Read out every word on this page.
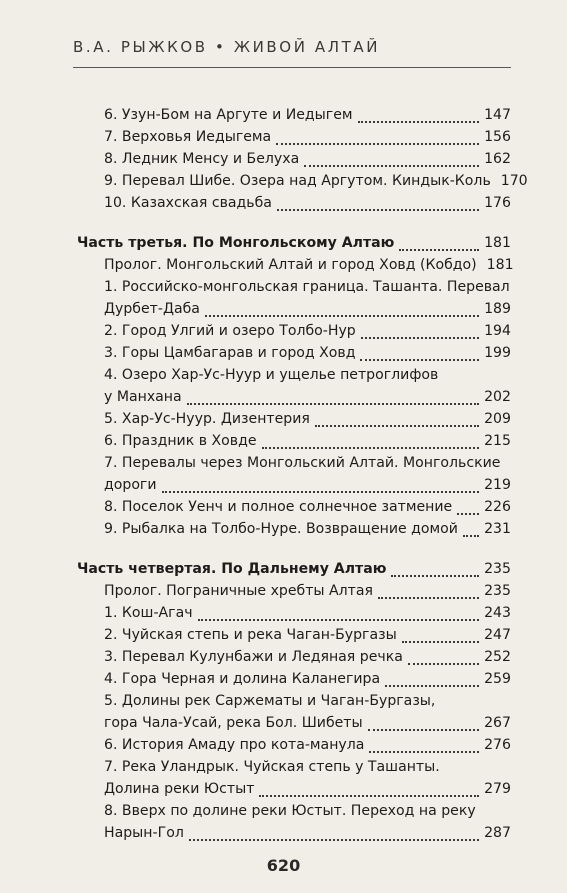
В.А. РЫЖКОВ • ЖИВОЙ АЛТАЙ
6. Узун-Бом на Аргуте и Иедыгем	147
7. Верховья Иедыгема	156
8. Ледник Менсу и Белуха	162
9. Перевал Шибе. Озера над Аргутом. Киндык-Коль 170
10. Казахская свадьба	176
Часть третья. По Монгольскому Алтаю	181
Пролог. Монгольский Алтай и город Ховд (Кобдо) 181
1. Российско-монгольская граница. Ташанта. Перевал
Дурбет-Даба	189
2. Город Улгий и озеро Толбо-Нур	194
3. Горы Цамбагарав и город Ховд	199
4. Озеро Хар-Ус-Нуур и ущелье петроглифов
у Манхана	202
5. Хар-Ус-Нуур. Дизентерия	209
6. Праздник в Ховде	215
7. Перевалы через Монгольский Алтай. Монгольские
дороги	219
8. Поселок Уенч и полное солнечное затмение 226
9. Рыбалка на Толбо-Нуре. Возвращение домой 231
Часть четвертая. По Дальнему Алтаю	235
Пролог. Пограничные хребты Алтая	235
1. Кош-Агач	243
2. Чуйская степь и река Чаган-Бургазы	247
3. Перевал Кулунбажи и Ледяная речка	252
4. Гора Черная и долина Каланегира	259
5. Долины рек Саржематы и Чаган-Бургазы,
гора Чала-Усай, река Бол. Шибеты	267
6. История Амаду про кота-манула	276
7. Река Уландрык. Чуйская степь у Ташанты.
Долина реки Юстыт	279
8. Вверх по долине реки Юстыт. Переход на реку
Нарын-Гол	287
620
